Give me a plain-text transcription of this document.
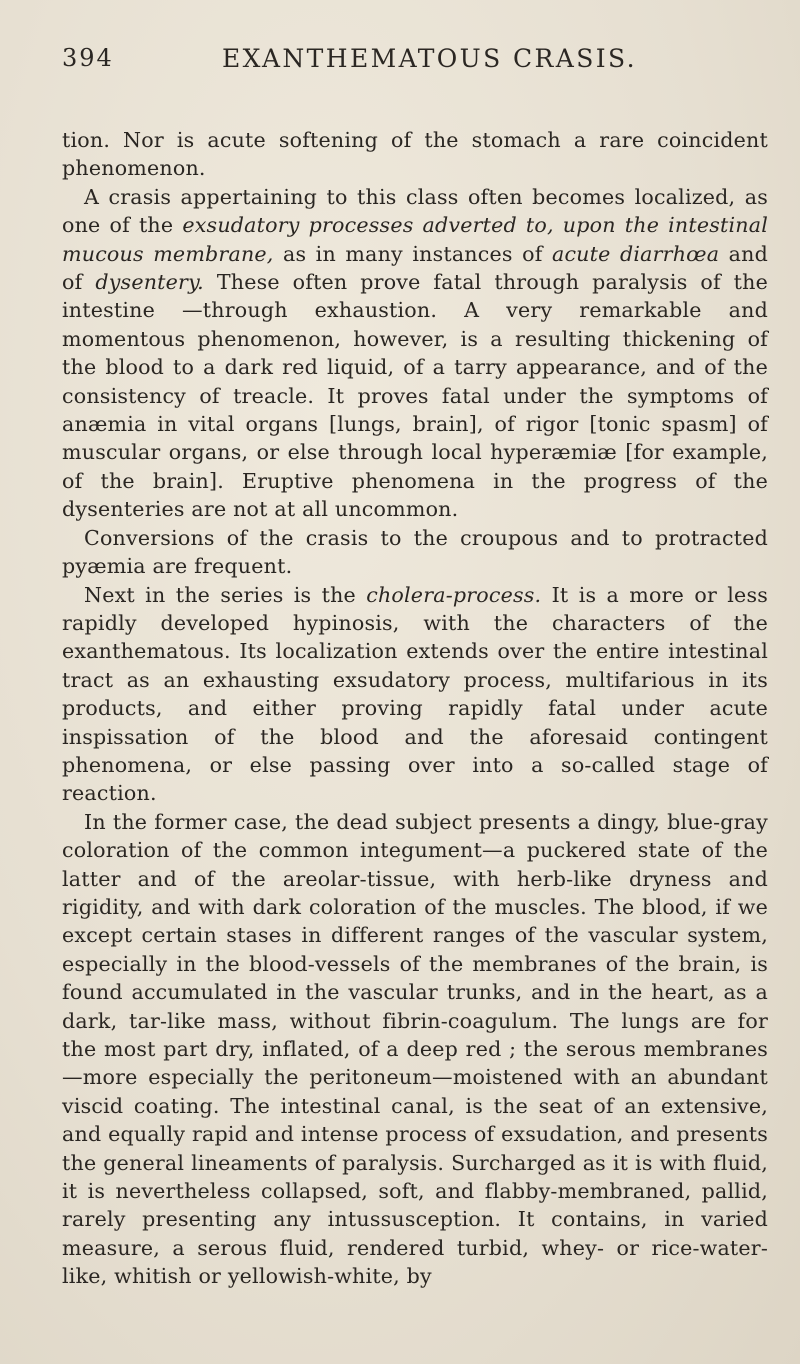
394	EXANTHEMATOUS CRASIS.

tion. Nor is acute softening of the stomach a rare coincident phenomenon.

A crasis appertaining to this class often becomes localized, as one of the exsudatory processes adverted to, upon the intestinal mucous membrane, as in many instances of acute diarrhœa and of dysentery. These often prove fatal through paralysis of the intestine —through exhaustion. A very remarkable and momentous phenomenon, however, is a resulting thickening of the blood to a dark red liquid, of a tarry appearance, and of the consistency of treacle. It proves fatal under the symptoms of anæmia in vital organs [lungs, brain], of rigor [tonic spasm] of muscular organs, or else through local hyperæmiæ [for example, of the brain]. Eruptive phenomena in the progress of the dysenteries are not at all uncommon.

Conversions of the crasis to the croupous and to protracted pyæmia are frequent.

Next in the series is the cholera-process. It is a more or less rapidly developed hypinosis, with the characters of the exanthematous. Its localization extends over the entire intestinal tract as an exhausting exsudatory process, multifarious in its products, and either proving rapidly fatal under acute inspissation of the blood and the aforesaid contingent phenomena, or else passing over into a so-called stage of reaction.

In the former case, the dead subject presents a dingy, blue-gray coloration of the common integument—a puckered state of the latter and of the areolar-tissue, with herb-like dryness and rigidity, and with dark coloration of the muscles. The blood, if we except certain stases in different ranges of the vascular system, especially in the blood-vessels of the membranes of the brain, is found accumulated in the vascular trunks, and in the heart, as a dark, tar-like mass, without fibrin-coagulum. The lungs are for the most part dry, inflated, of a deep red ; the serous membranes—more especially the peritoneum—moistened with an abundant viscid coating. The intestinal canal, is the seat of an extensive, and equally rapid and intense process of exsudation, and presents the general lineaments of paralysis. Surcharged as it is with fluid, it is nevertheless collapsed, soft, and flabby-membraned, pallid, rarely presenting any intussusception. It contains, in varied measure, a serous fluid, rendered turbid, whey- or rice-water-like, whitish or yellowish-white, by
